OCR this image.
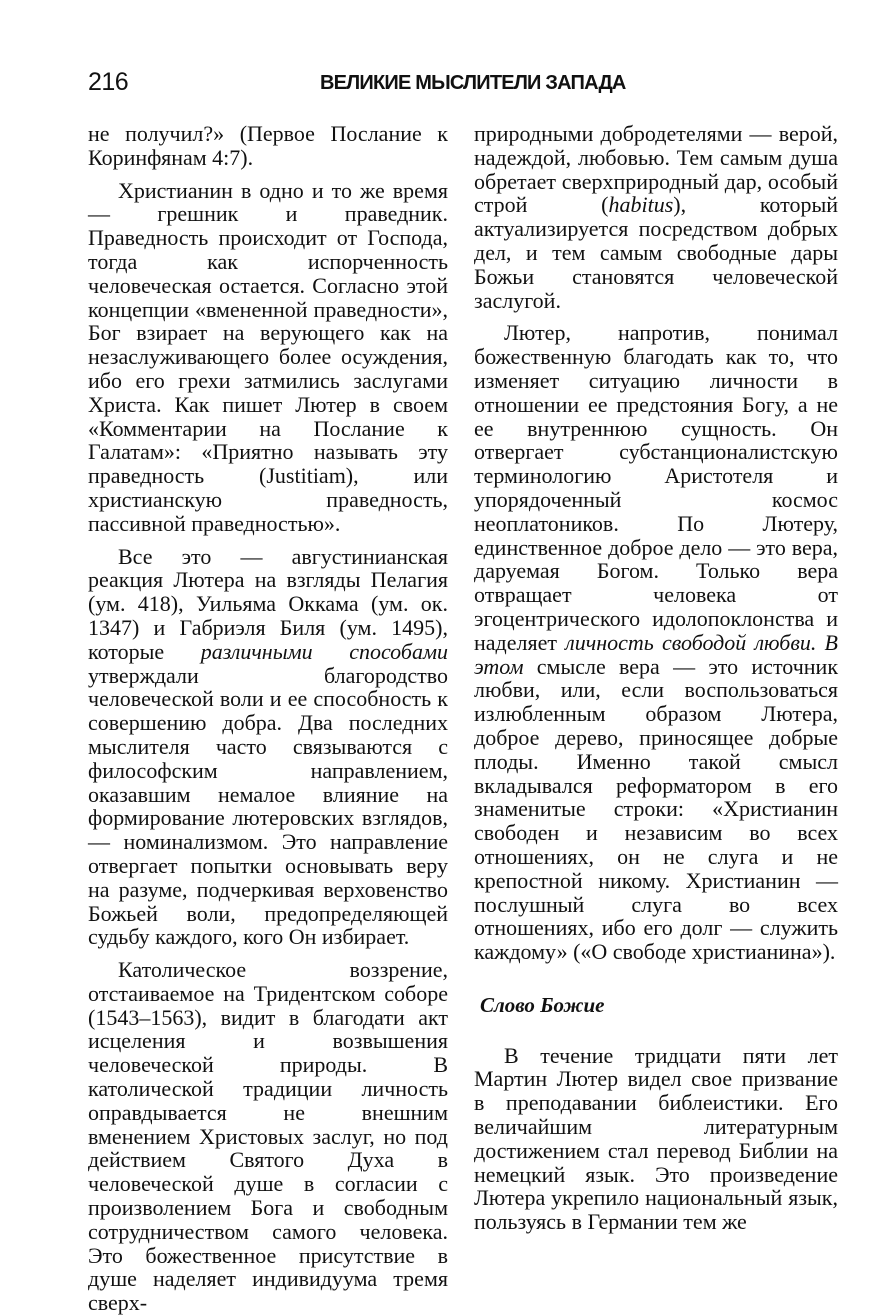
216	ВЕЛИКИЕ МЫСЛИТЕЛИ ЗАПАДА

не получил?» (Первое Послание к Коринфянам 4:7).

Христианин в одно и то же время — грешник и праведник. Праведность происходит от Господа, тогда как испорченность человеческая остается. Согласно этой концепции «вмененной праведности», Бог взирает на верующего как на незаслуживающего более осуждения, ибо его грехи затмились заслугами Христа. Как пишет Лютер в своем «Комментарии на Послание к Галатам»: «Приятно называть эту праведность (Justitiam), или христианскую праведность, пассивной праведностью».

Все это — августинианская реакция Лютера на взгляды Пелагия (ум. 418), Уильяма Оккама (ум. ок. 1347) и Габриэля Биля (ум. 1495), которые различными способами утверждали благородство человеческой воли и ее способность к совершению добра. Два последних мыслителя часто связываются с философским направлением, оказавшим немалое влияние на формирование лютеровских взглядов, — номинализмом. Это направление отвергает попытки основывать веру на разуме, подчеркивая верховенство Божьей воли, предопределяющей судьбу каждого, кого Он избирает.

Католическое воззрение, отстаиваемое на Тридентском соборе (1543–1563), видит в благодати акт исцеления и возвышения человеческой природы. В католической традиции личность оправдывается не внешним вменением Христовых заслуг, но под действием Святого Духа в человеческой душе в согласии с произволением Бога и свободным сотрудничеством самого человека. Это божественное присутствие в душе наделяет индивидуума тремя сверх-

природными добродетелями — верой, надеждой, любовью. Тем самым душа обретает сверхприродный дар, особый строй (habitus), который актуализируется посредством добрых дел, и тем самым свободные дары Божьи становятся человеческой заслугой.

Лютер, напротив, понимал божественную благодать как то, что изменяет ситуацию личности в отношении ее предстояния Богу, а не ее внутреннюю сущность. Он отвергает субстанционалистскую терминологию Аристотеля и упорядоченный космос неоплатоников. По Лютеру, единственное доброе дело — это вера, даруемая Богом. Только вера отвращает человека от эгоцентрического идолопоклонства и наделяет личность свободой любви. В этом смысле вера — это источник любви, или, если воспользоваться излюбленным образом Лютера, доброе дерево, приносящее добрые плоды. Именно такой смысл вкладывался реформатором в его знаменитые строки: «Христианин свободен и независим во всех отношениях, он не слуга и не крепостной никому. Христианин — послушный слуга во всех отношениях, ибо его долг — служить каждому» («О свободе христианина»).

Слово Божие

В течение тридцати пяти лет Мартин Лютер видел свое призвание в преподавании библеистики. Его величайшим литературным достижением стал перевод Библии на немецкий язык. Это произведение Лютера укрепило национальный язык, пользуясь в Германии тем же
